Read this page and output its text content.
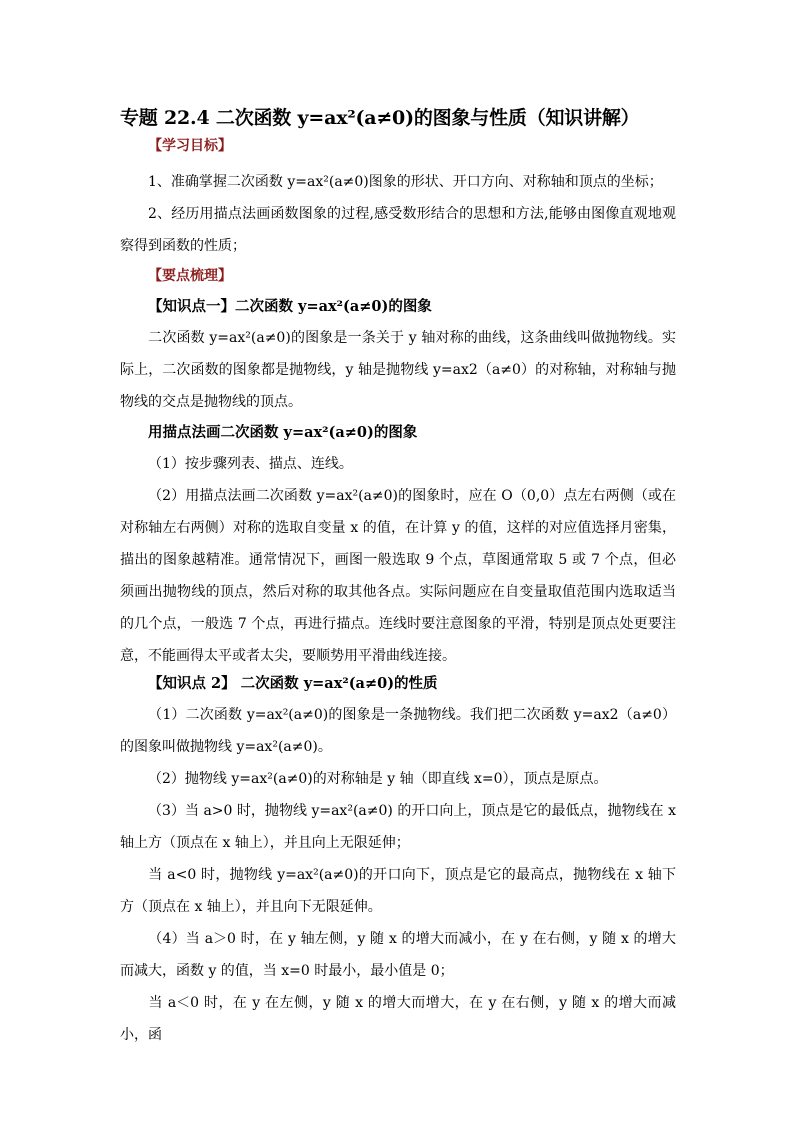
专题 22.4 二次函数 y=ax²(a≠0)的图象与性质（知识讲解）
【学习目标】
1、准确掌握二次函数 y=ax²(a≠0)图象的形状、开口方向、对称轴和顶点的坐标；
2、经历用描点法画函数图象的过程,感受数形结合的思想和方法,能够由图像直观地观察得到函数的性质；
【要点梳理】
【知识点一】二次函数 y=ax²(a≠0)的图象
二次函数 y=ax²(a≠0)的图象是一条关于 y 轴对称的曲线，这条曲线叫做抛物线。实际上，二次函数的图象都是抛物线，y 轴是抛物线 y=ax2（a≠0）的对称轴，对称轴与抛物线的交点是抛物线的顶点。
用描点法画二次函数 y=ax²(a≠0)的图象
（1）按步骤列表、描点、连线。
（2）用描点法画二次函数 y=ax²(a≠0)的图象时，应在 O（0,0）点左右两侧（或在对称轴左右两侧）对称的选取自变量 x 的值，在计算 y 的值，这样的对应值选择月密集，描出的图象越精准。通常情况下，画图一般选取 9 个点，草图通常取 5 或 7 个点，但必须画出抛物线的顶点，然后对称的取其他各点。实际问题应在自变量取值范围内选取适当的几个点，一般选 7 个点，再进行描点。连线时要注意图象的平滑，特别是顶点处更要注意，不能画得太平或者太尖，要顺势用平滑曲线连接。
【知识点 2】 二次函数 y=ax²(a≠0)的性质
（1）二次函数 y=ax²(a≠0)的图象是一条抛物线。我们把二次函数 y=ax2（a≠0）的图象叫做抛物线 y=ax²(a≠0)。
（2）抛物线 y=ax²(a≠0)的对称轴是 y 轴（即直线 x=0），顶点是原点。
（3）当 a>0 时，抛物线 y=ax²(a≠0) 的开口向上，顶点是它的最低点，抛物线在 x 轴上方（顶点在 x 轴上），并且向上无限延伸；
当 a<0 时，抛物线 y=ax²(a≠0)的开口向下，顶点是它的最高点，抛物线在 x 轴下方（顶点在 x 轴上），并且向下无限延伸。
（4）当 a＞0 时，在 y 轴左侧，y 随 x 的增大而减小，在 y 在右侧，y 随 x 的增大而减大，函数 y 的值，当 x=0 时最小，最小值是 0；
当 a＜0 时，在 y 在左侧，y 随 x 的增大而增大，在 y 在右侧，y 随 x 的增大而减小，函
